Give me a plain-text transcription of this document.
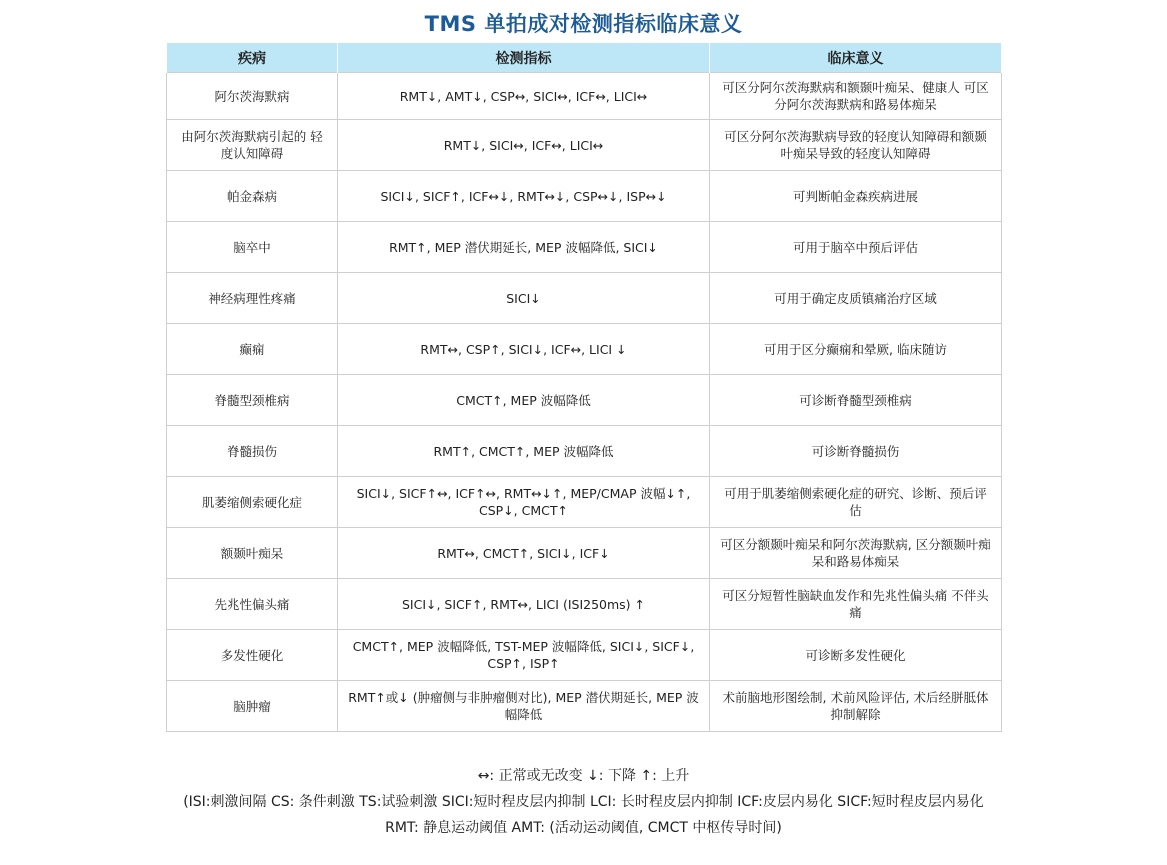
TMS 单拍成对检测指标临床意义
疾病	检测指标	临床意义
阿尔茨海默病	RMT↓, AMT↓, CSP↔, SICI↔, ICF↔, LICI↔	可区分阿尔茨海默病和额颞叶痴呆、健康人 可区分阿尔茨海默病和路易体痴呆
由阿尔茨海默病引起的 轻度认知障碍	RMT↓, SICI↔, ICF↔, LICI↔	可区分阿尔茨海默病导致的轻度认知障碍和额颞叶痴呆导致的轻度认知障碍
帕金森病	SICI↓, SICF↑, ICF↔↓, RMT↔↓, CSP↔↓, ISP↔↓	可判断帕金森疾病进展
脑卒中	RMT↑, MEP 潜伏期延长, MEP 波幅降低, SICI↓	可用于脑卒中预后评估
神经病理性疼痛	SICI↓	可用于确定皮质镇痛治疗区域
癫痫	RMT↔, CSP↑, SICI↓, ICF↔, LICI ↓	可用于区分癫痫和晕厥, 临床随访
脊髓型颈椎病	CMCT↑, MEP 波幅降低	可诊断脊髓型颈椎病
脊髓损伤	RMT↑, CMCT↑, MEP 波幅降低	可诊断脊髓损伤
肌萎缩侧索硬化症	SICI↓, SICF↑↔, ICF↑↔, RMT↔↓↑, MEP/CMAP 波幅↓↑, CSP↓, CMCT↑	可用于肌萎缩侧索硬化症的研究、诊断、预后评估
额颞叶痴呆	RMT↔, CMCT↑, SICI↓, ICF↓	可区分额颞叶痴呆和阿尔茨海默病, 区分额颞叶痴呆和路易体痴呆
先兆性偏头痛	SICI↓, SICF↑, RMT↔, LICI (ISI250ms) ↑	可区分短暂性脑缺血发作和先兆性偏头痛 不伴头痛
多发性硬化	CMCT↑, MEP 波幅降低, TST-MEP 波幅降低, SICI↓, SICF↓, CSP↑, ISP↑	可诊断多发性硬化
脑肿瘤	RMT↑或↓ (肿瘤侧与非肿瘤侧对比), MEP 潜伏期延长, MEP 波幅降低	术前脑地形图绘制, 术前风险评估, 术后经胼胝体抑制解除
↔: 正常或无改变 ↓: 下降 ↑: 上升
(ISI:刺激间隔 CS: 条件刺激 TS:试验刺激 SICI:短时程皮层内抑制 LCI: 长时程皮层内抑制 ICF:皮层内易化 SICF:短时程皮层内易化
RMT: 静息运动阈值 AMT: (活动运动阈值, CMCT 中枢传导时间)
